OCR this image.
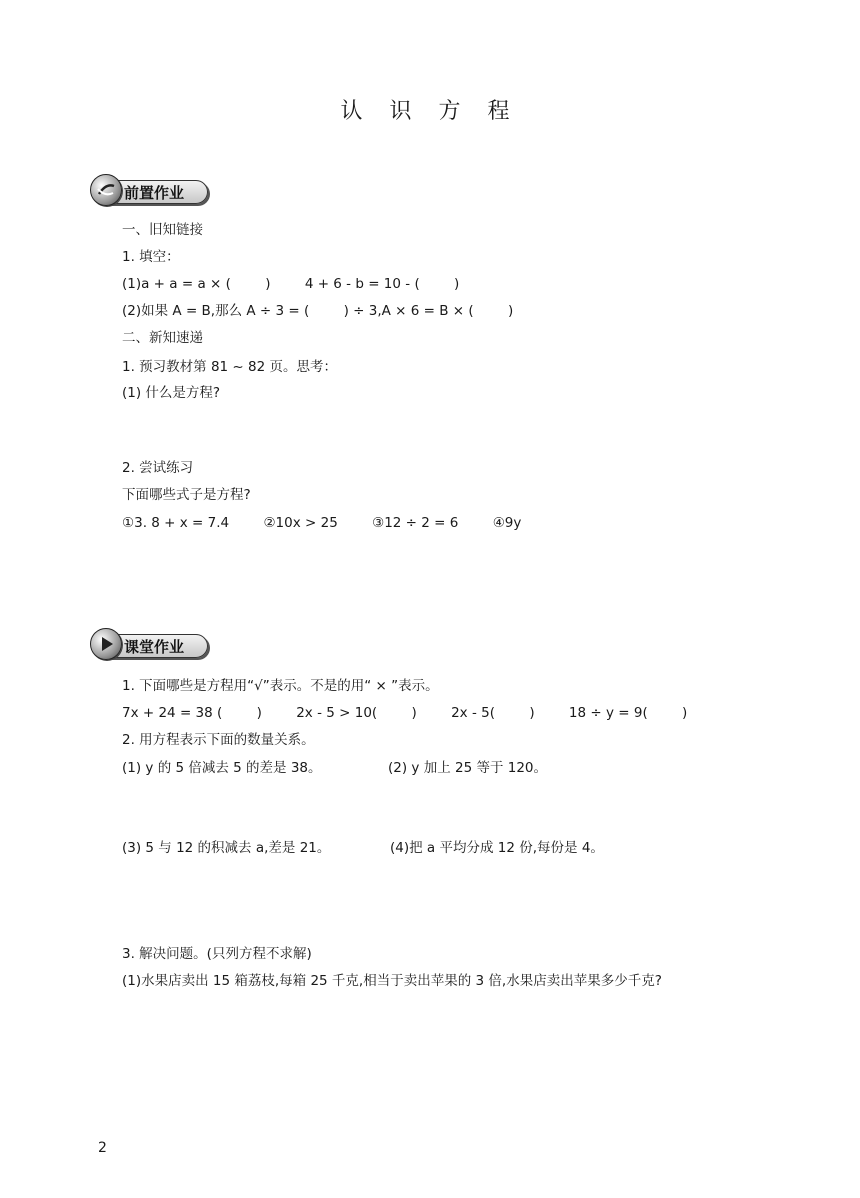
认 识 方 程
前置作业
一、旧知链接
1. 填空：
(1)a + a = a × (        )        4 + 6 - b = 10 - (        )
(2)如果 A = B,那么 A ÷ 3 = (        ) ÷ 3,A × 6 = B × (        )
二、新知速递
1. 预习教材第 81 ~ 82 页。思考：
(1) 什么是方程?
2. 尝试练习
下面哪些式子是方程?
①3. 8 + x = 7.4        ②10x > 25        ③12 ÷ 2 = 6        ④9y
课堂作业
1. 下面哪些是方程用“√”表示。不是的用“ × ”表示。
7x + 24 = 38 (        )        2x - 5 > 10(        )        2x - 5(        )        18 ÷ y = 9(        )
2. 用方程表示下面的数量关系。
(1) y 的 5 倍减去 5 的差是 38。	(2) y 加上 25 等于 120。
(3) 5 与 12 的积减去 a,差是 21。	(4)把 a 平均分成 12 份,每份是 4。
3. 解决问题。(只列方程不求解)
(1)水果店卖出 15 箱荔枝,每箱 25 千克,相当于卖出苹果的 3 倍,水果店卖出苹果多少千克?
2
